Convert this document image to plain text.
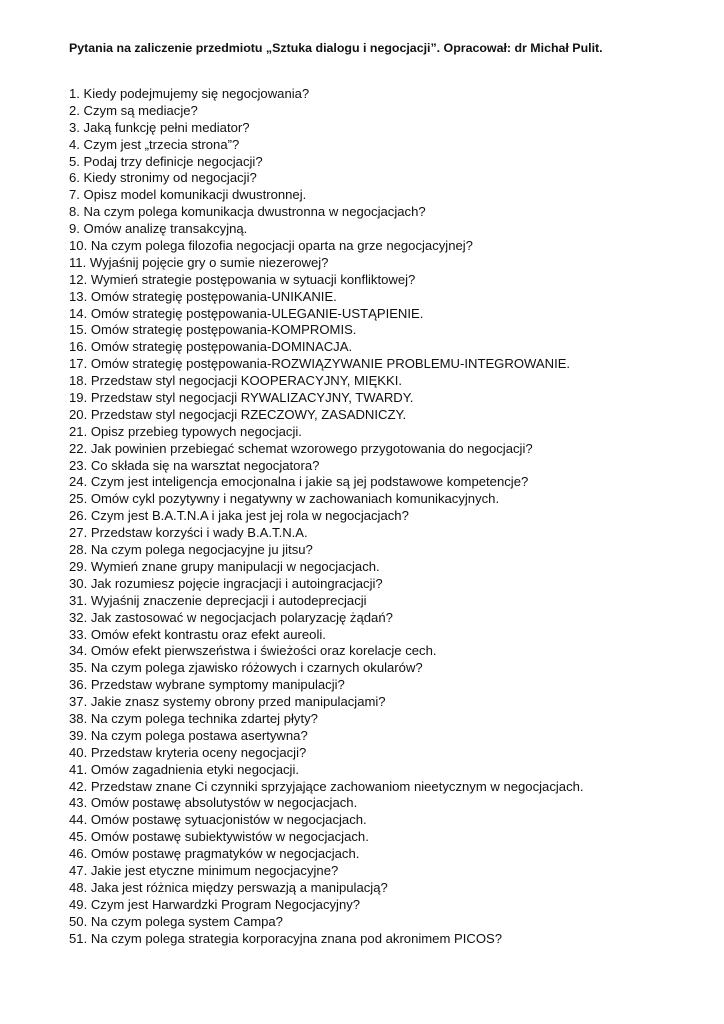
Pytania na zaliczenie przedmiotu „Sztuka dialogu i negocjacji”. Opracował: dr Michał Pulit.
1. Kiedy podejmujemy się negocjowania?
2. Czym są mediacje?
3. Jaką funkcję pełni mediator?
4. Czym jest „trzecia strona”?
5. Podaj trzy definicje negocjacji?
6. Kiedy stronimy od negocjacji?
7. Opisz model komunikacji dwustronnej.
8. Na czym polega komunikacja dwustronna w negocjacjach?
9. Omów analizę transakcyjną.
10. Na czym polega filozofia negocjacji oparta na grze negocjacyjnej?
11. Wyjaśnij pojęcie gry o sumie niezerowej?
12. Wymień strategie postępowania w sytuacji konfliktowej?
13. Omów strategię postępowania-UNIKANIE.
14. Omów strategię postępowania-ULEGANIE-USTĄPIENIE.
15. Omów strategię postępowania-KOMPROMIS.
16. Omów strategię postępowania-DOMINACJA.
17. Omów strategię postępowania-ROZWIĄZYWANIE PROBLEMU-INTEGROWANIE.
18. Przedstaw styl negocjacji KOOPERACYJNY, MIĘKKI.
19. Przedstaw styl negocjacji RYWALIZACYJNY, TWARDY.
20. Przedstaw styl negocjacji RZECZOWY, ZASADNICZY.
21. Opisz przebieg typowych negocjacji.
22. Jak powinien przebiegać schemat wzorowego przygotowania do negocjacji?
23. Co składa się na warsztat negocjatora?
24. Czym jest inteligencja emocjonalna i jakie są jej podstawowe kompetencje?
25. Omów cykl pozytywny i negatywny w zachowaniach komunikacyjnych.
26. Czym jest B.A.T.N.A i jaka jest jej rola w negocjacjach?
27. Przedstaw korzyści i wady B.A.T.N.A.
28. Na czym polega negocjacyjne ju jitsu?
29. Wymień znane grupy manipulacji w negocjacjach.
30. Jak rozumiesz pojęcie ingracjacji i autoingracjacji?
31. Wyjaśnij znaczenie deprecjacji i autodeprecjacji
32. Jak zastosować w negocjacjach polaryzację żądań?
33. Omów efekt kontrastu oraz efekt aureoli.
34. Omów efekt pierwszeństwa i świeżości oraz korelacje cech.
35. Na czym polega zjawisko różowych i czarnych okularów?
36. Przedstaw wybrane symptomy manipulacji?
37. Jakie znasz systemy obrony przed manipulacjami?
38. Na czym polega technika zdartej płyty?
39. Na czym polega postawa asertywna?
40. Przedstaw kryteria oceny negocjacji?
41. Omów zagadnienia etyki negocjacji.
42. Przedstaw znane Ci czynniki sprzyjające zachowaniom nieetycznym w negocjacjach.
43. Omów postawę absolutystów w negocjacjach.
44. Omów postawę sytuacjonistów w negocjacjach.
45. Omów postawę subiektywistów w negocjacjach.
46. Omów postawę pragmatyków w negocjacjach.
47. Jakie jest etyczne minimum negocjacyjne?
48. Jaka jest różnica między perswazją a manipulacją?
49. Czym jest Harwardzki Program Negocjacyjny?
50. Na czym polega system Campa?
51. Na czym polega strategia korporacyjna znana pod akronimem PICOS?
